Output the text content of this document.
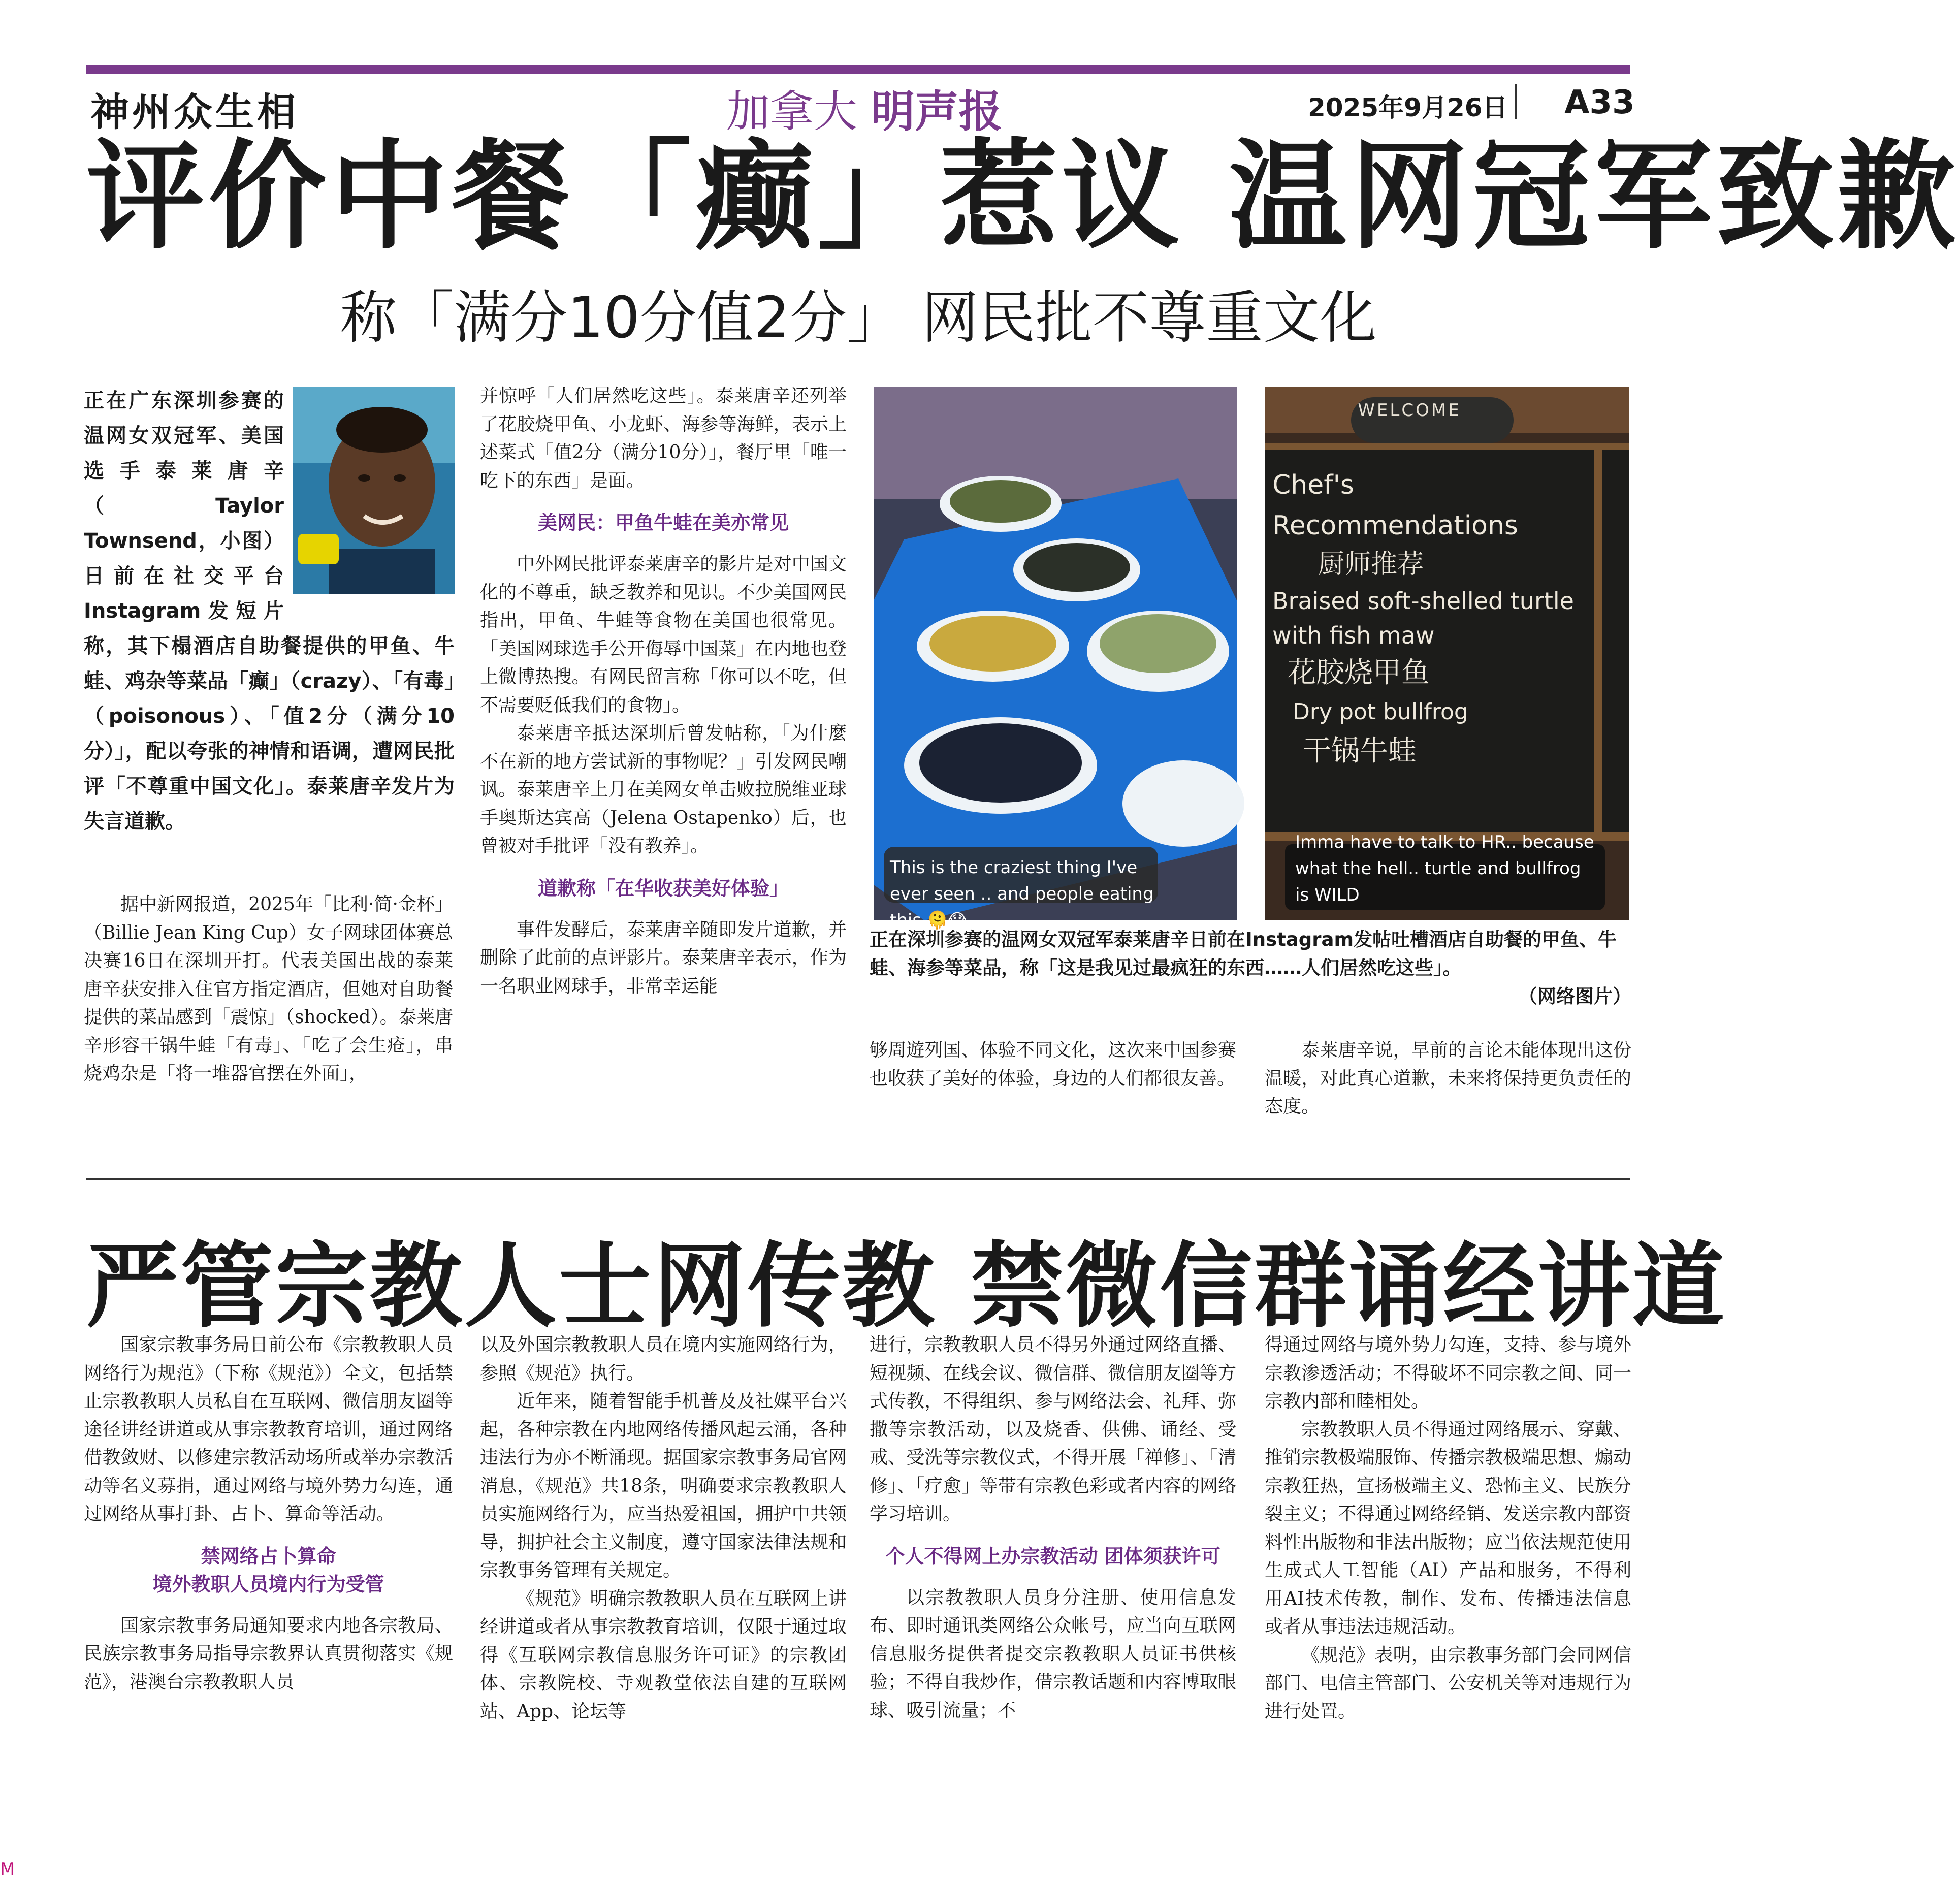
神州众生相	加拿大 明声报	2025年9月26日 A33
评价中餐「癫」惹议 温网冠军致歉
称「满分10分值2分」 网民批不尊重文化

正在广东深圳参赛的温网女双冠军、美国选手泰莱唐辛（Taylor Townsend，小图）日前在社交平台Instagram发短片称，其下榻酒店自助餐提供的甲鱼、牛蛙、鸡杂等菜品「癫」（crazy）、「有毒」（poisonous）、「值2分（满分10分）」，配以夸张的神情和语调，遭网民批评「不尊重中国文化」。泰莱唐辛发片为失言道歉。

据中新网报道，2025年「比利·简·金杯」（Billie Jean King Cup）女子网球团体赛总决赛16日在深圳开打。代表美国出战的泰莱唐辛获安排入住官方指定酒店，但她对自助餐提供的菜品感到「震惊」（shocked）。泰莱唐辛形容干锅牛蛙「有毒」、「吃了会生疮」，串烧鸡杂是「将一堆器官摆在外面」，

并惊呼「人们居然吃这些」。泰莱唐辛还列举了花胶烧甲鱼、小龙虾、海参等海鲜，表示上述菜式「值2分（满分10分）」，餐厅里「唯一吃下的东西」是面。

美网民：甲鱼牛蛙在美亦常见

中外网民批评泰莱唐辛的影片是对中国文化的不尊重，缺乏教养和见识。不少美国网民指出，甲鱼、牛蛙等食物在美国也很常见。「美国网球选手公开侮辱中国菜」在内地也登上微博热搜。有网民留言称「你可以不吃，但不需要贬低我们的食物」。

泰莱唐辛抵达深圳后曾发帖称，「为什麼不在新的地方尝试新的事物呢？」引发网民嘲讽。泰莱唐辛上月在美网女单击败拉脱维亚球手奥斯达宾高（Jelena Ostapenko）后，也曾被对手批评「没有教养」。

道歉称「在华收获美好体验」

事件发酵后，泰莱唐辛随即发片道歉，并删除了此前的点评影片。泰莱唐辛表示，作为一名职业网球手，非常幸运能

This is the craziest thing I've ever seen .. and people eating this 🫠😱
WELCOME
Chef's Recommendations
厨师推荐
Braised soft-shelled turtle
with fish maw
花胶烧甲鱼
Dry pot bullfrog
干锅牛蛙
Imma have to talk to HR.. because what the hell.. turtle and bullfrog is WILD
正在深圳参赛的温网女双冠军泰莱唐辛日前在Instagram发帖吐槽酒店自助餐的甲鱼、牛蛙、海参等菜品，称「这是我见过最疯狂的东西……人们居然吃这些」。
（网络图片）

够周遊列国、体验不同文化，这次来中国参赛也收获了美好的体验，身边的人们都很友善。

泰莱唐辛说，早前的言论未能体现出这份温暖，对此真心道歉，未来将保持更负责任的态度。

严管宗教人士网传教 禁微信群诵经讲道

国家宗教事务局日前公布《宗教教职人员网络行为规范》（下称《规范》）全文，包括禁止宗教教职人员私自在互联网、微信朋友圈等途径讲经讲道或从事宗教教育培训，通过网络借教敛财、以修建宗教活动场所或举办宗教活动等名义募捐，通过网络与境外势力勾连，通过网络从事打卦、占卜、算命等活动。

禁网络占卜算命
境外教职人员境内行为受管

国家宗教事务局通知要求内地各宗教局、民族宗教事务局指导宗教界认真贯彻落实《规范》，港澳台宗教教职人员

以及外国宗教教职人员在境内实施网络行为，参照《规范》执行。

近年来，随着智能手机普及及社媒平台兴起，各种宗教在内地网络传播风起云涌，各种违法行为亦不断涌现。据国家宗教事务局官网消息，《规范》共18条，明确要求宗教教职人员实施网络行为，应当热爱祖国，拥护中共领导，拥护社会主义制度，遵守国家法律法规和宗教事务管理有关规定。

《规范》明确宗教教职人员在互联网上讲经讲道或者从事宗教教育培训，仅限于通过取得《互联网宗教信息服务许可证》的宗教团体、宗教院校、寺观教堂依法自建的互联网站、App、论坛等

进行，宗教教职人员不得另外通过网络直播、短视频、在线会议、微信群、微信朋友圈等方式传教，不得组织、参与网络法会、礼拜、弥撒等宗教活动，以及烧香、供佛、诵经、受戒、受洗等宗教仪式，不得开展「禅修」、「清修」、「疗愈」等带有宗教色彩或者内容的网络学习培训。

个人不得网上办宗教活动 团体须获许可

以宗教教职人员身分注册、使用信息发布、即时通讯类网络公众帐号，应当向互联网信息服务提供者提交宗教教职人员证书供核验；不得自我炒作，借宗教话题和内容博取眼球、吸引流量；不

得通过网络与境外势力勾连，支持、参与境外宗教渗透活动；不得破坏不同宗教之间、同一宗教内部和睦相处。

宗教教职人员不得通过网络展示、穿戴、推销宗教极端服饰、传播宗教极端思想、煽动宗教狂热，宣扬极端主义、恐怖主义、民族分裂主义；不得通过网络经销、发送宗教内部资料性出版物和非法出版物；应当依法规范使用生成式人工智能（AI）产品和服务，不得利用AI技术传教，制作、发布、传播违法信息或者从事违法违规活动。

《规范》表明，由宗教事务部门会同网信部门、电信主管部门、公安机关等对违规行为进行处置。

M
